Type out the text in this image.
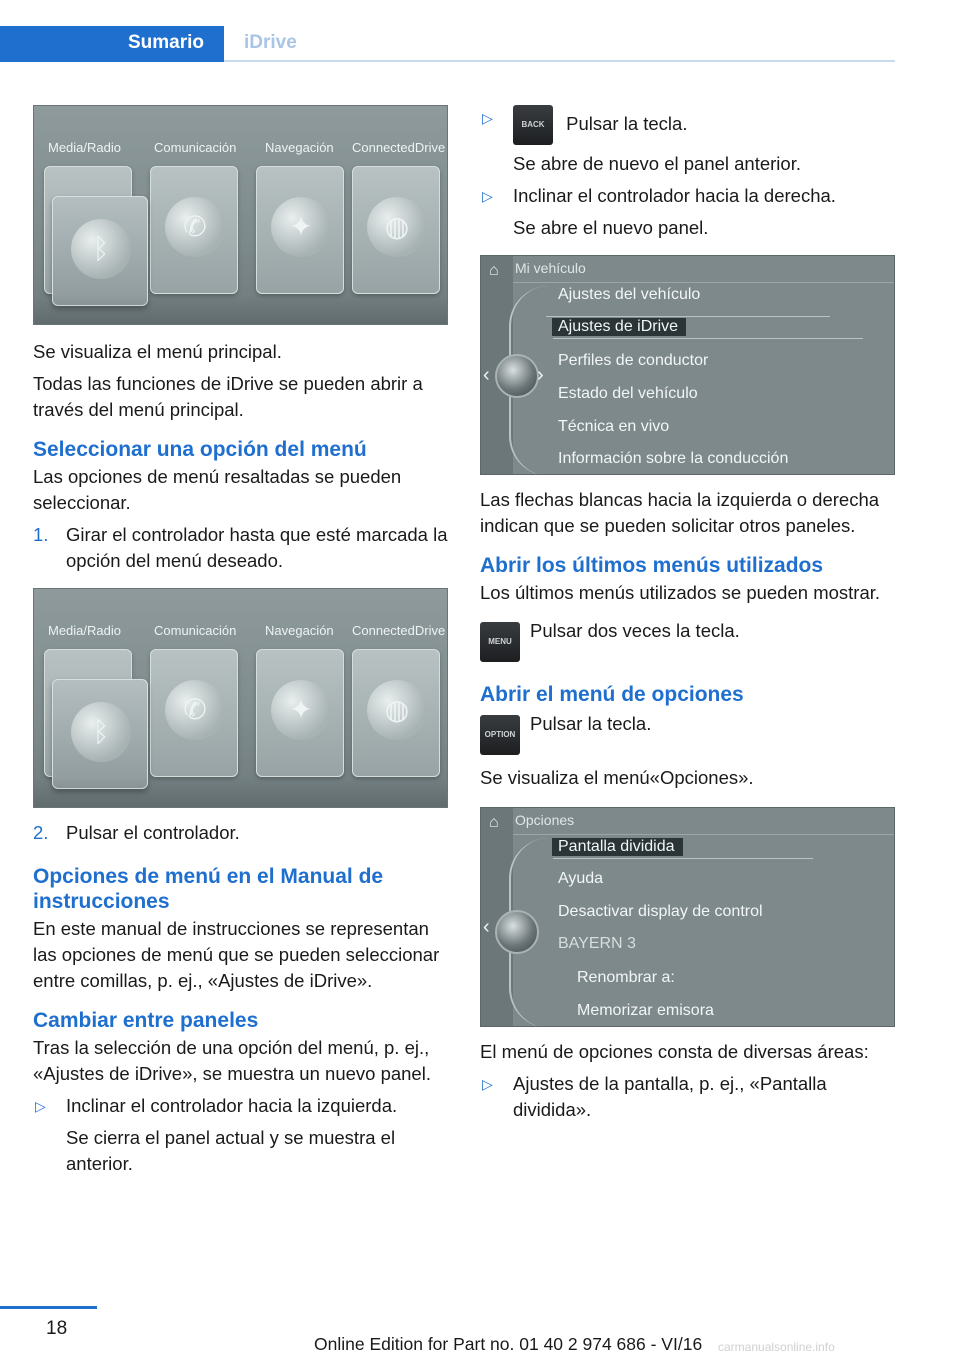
Sumario	iDrive
Media/Radio	Comunicación Navegación ConnectedDrive
✆	✦	◍
ᛒ

Se visualiza el menú principal.

Todas las funciones de iDrive se pueden abrir a través del menú principal.

Seleccionar una opción del menú

Las opciones de menú resaltadas se pueden seleccionar.

1. Girar el controlador hasta que esté marcada la opción del menú deseado.
Media/Radio	Comunicación Navegación ConnectedDrive
✆	✦	◍
ᛒ
2. Pulsar el controlador.
Opciones de menú en el Manual de instrucciones

En este manual de instrucciones se representan las opciones de menú que se pueden seleccionar entre comillas, p. ej., «Ajustes de iDrive».

Cambiar entre paneles

Tras la selección de una opción del menú, p. ej., «Ajustes de iDrive», se muestra un nuevo panel.

▷ Inclinar el controlador hacia la izquierda.
Se cierra el panel actual y se muestra el anterior.
▷	BACK Pulsar la tecla.
Se abre de nuevo el panel anterior.
▷ Inclinar el controlador hacia la derecha.
Se abre el nuevo panel.
⌂ Mi vehículo
Ajustes del vehículo
Ajustes de iDrive
Perfiles de conductor
Estado del vehículo
Técnica en vivo
Información sobre la conducción
‹ ›

Las flechas blancas hacia la izquierda o derecha indican que se pueden solicitar otros paneles.

Abrir los últimos menús utilizados

Los últimos menús utilizados se pueden mostrar.

MENU
Pulsar dos veces la tecla.
Abrir el menú de opciones
OPTION
Pulsar la tecla.

Se visualiza el menú«Opciones».

⌂ Opciones
Pantalla dividida
Ayuda
Desactivar display de control
BAYERN 3
Renombrar a:
Memorizar emisora
‹

El menú de opciones consta de diversas áreas:

▷ Ajustes de la pantalla, p. ej., «Pantalla dividida».
18
Online Edition for Part no. 01 40 2 974 686 - VI/16 carmanualsonline.info
